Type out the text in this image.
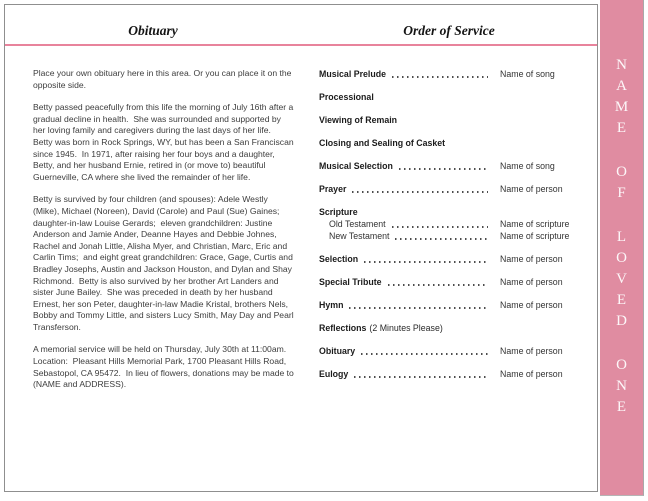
Obituary	Order of Service

Place your own obituary here in this area. Or you can place it on the opposite side.

Betty passed peacefully from this life the morning of July 16th after a gradual decline in health.  She was surrounded and supported by her loving family and caregivers during the last days of her life.  Betty was born in Rock Springs, WY, but has been a San Franciscan since 1945.  In 1971, after raising her four boys and a daughter, Betty, and her husband Ernie, retired in (or move to) beautiful Guerneville, CA where she lived the remainder of her life.

Betty is survived by four children (and spouses): Adele Westly (Mike), Michael (Noreen), David (Carole) and Paul (Sue) Gaines;  daughter-in-law Louise Gerards;  eleven grandchildren: Justine Anderson and Jamie Ander, Deanne Hayes and Debbie Johnes, Rachel and Jonah Little, Alisha Myer, and Christian, Marc, Eric and Carlin Tims;  and eight great grandchildren: Grace, Gage, Curtis and Bradley Josephs, Austin and Jackson Houston, and Dylan and Shay Richmond.  Betty is also survived by her brother Art Landers and sister June Bailey.  She was preceded in death by her husband Ernest, her son Peter, daughter-in-law Madie Kristal, brothers Nels, Bobby and Tommy Little, and sisters Lucy Smith, May Day and Pearl Transferson.

A memorial service will be held on Thursday, July 30th at 11:00am.  Location:  Pleasant Hills Memorial Park, 1700 Pleasant Hills Road, Sebastopol, CA 95472.  In lieu of flowers, donations may be made to (NAME and ADDRESS).

Musical Prelude	Name of song
Processional
Viewing of Remain
Closing and Sealing of Casket
Musical Selection	Name of song
Prayer	Name of person
Scripture
Old Testament	Name of scripture
New Testament	Name of scripture
Selection	Name of person
Special Tribute	Name of person
Hymn	Name of person
Reflections (2 Minutes Please)
Obituary	Name of person
Eulogy	Name of person
N
A
M
E
O
F
L
O
V
E
D
O
N
E
